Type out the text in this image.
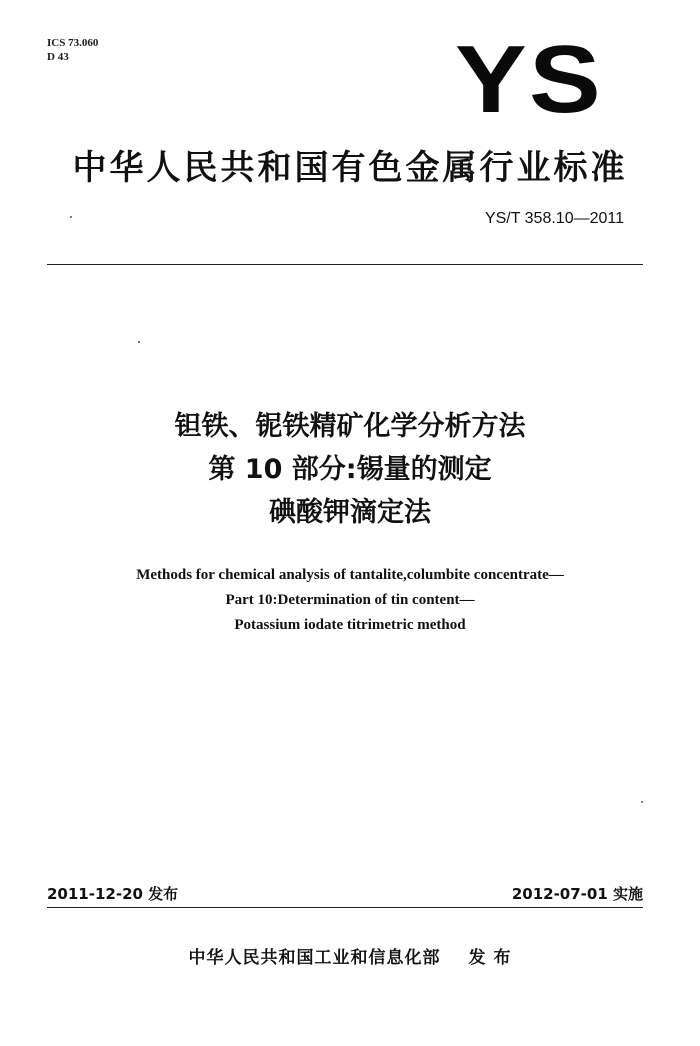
ICS 73.060
D 43	YS
中华人民共和国有色金属行业标准
YS/T 358.10—2011
钽铁、铌铁精矿化学分析方法
第 10 部分:锡量的测定
碘酸钾滴定法
Methods for chemical analysis of tantalite,columbite concentrate—
Part 10:Determination of tin content—
Potassium iodate titrimetric method
2011-12-20 发布	2012-07-01 实施
中华人民共和国工业和信息化部 发 布
